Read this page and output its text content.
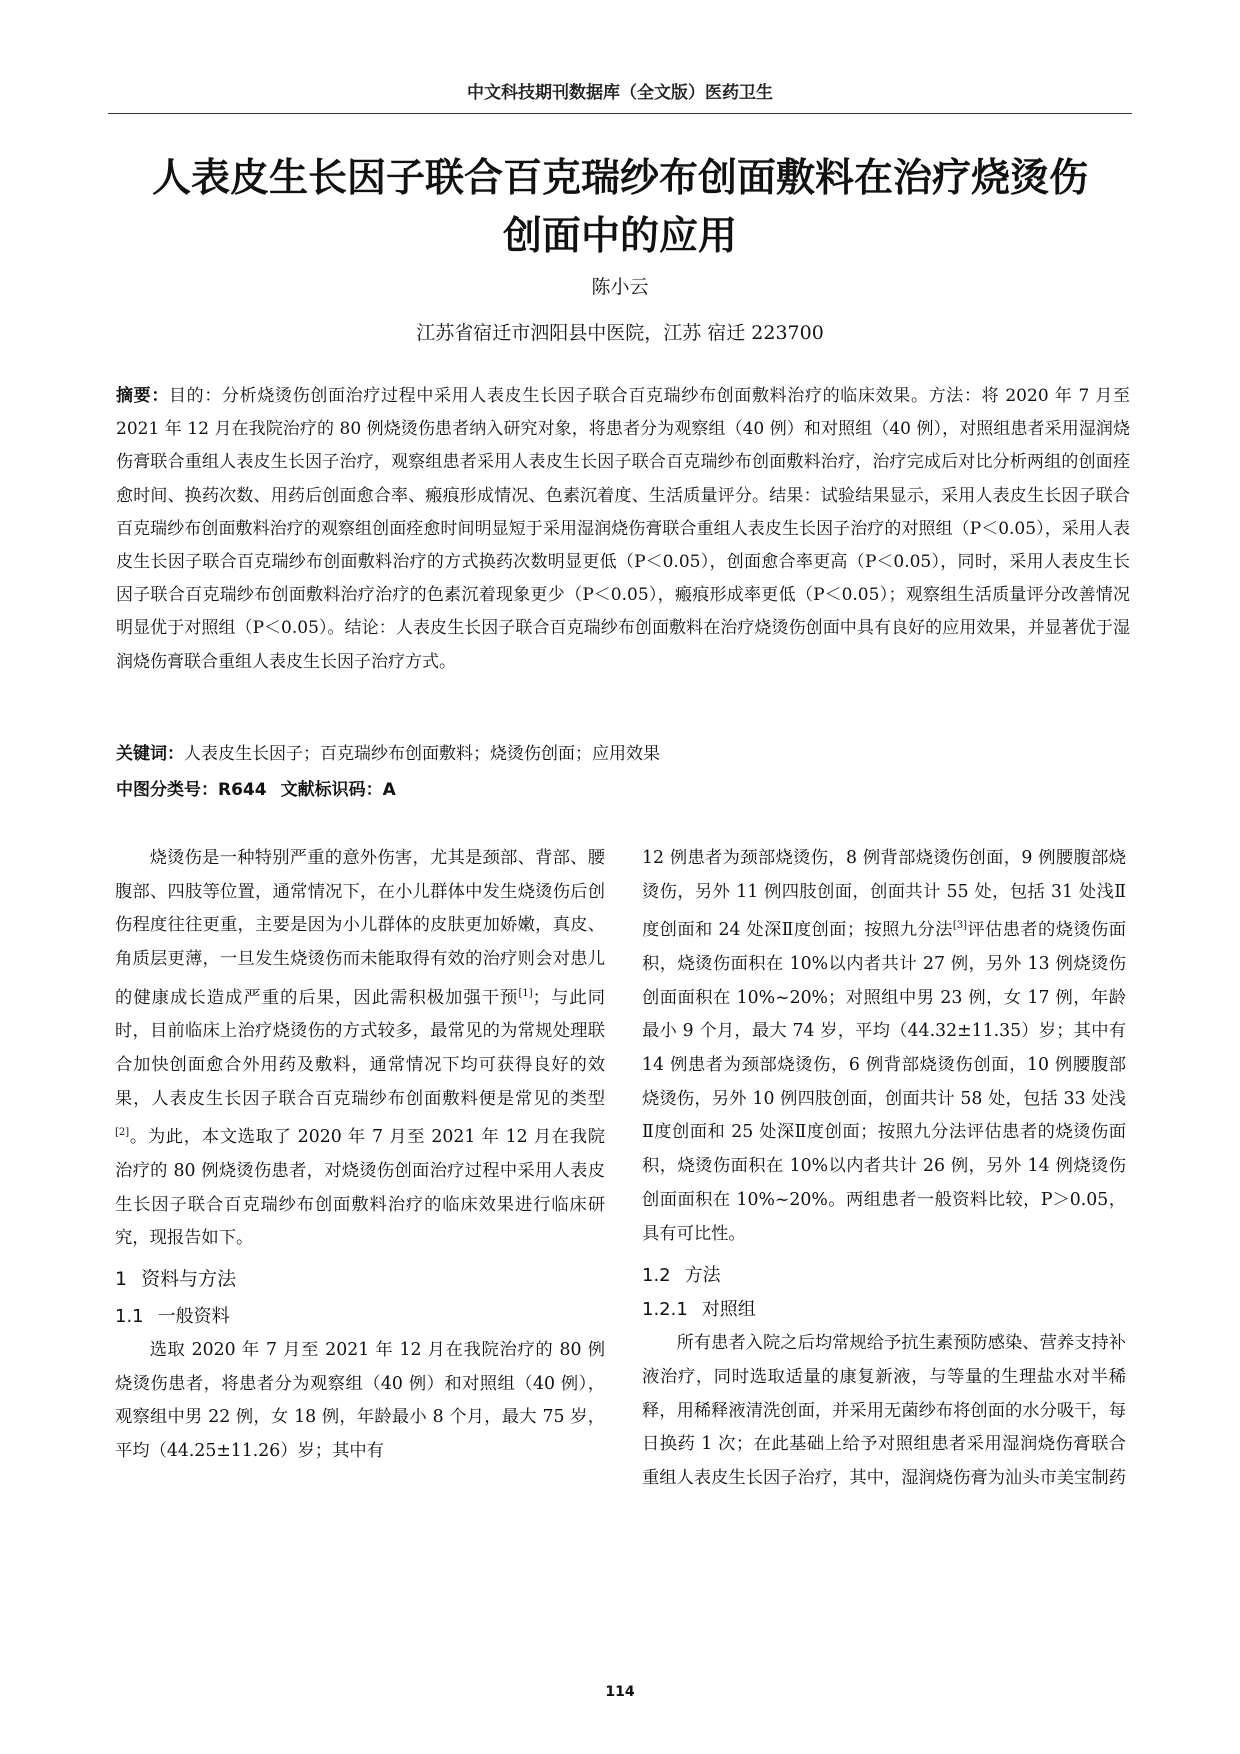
中文科技期刊数据库（全文版）医药卫生
人表皮生长因子联合百克瑞纱布创面敷料在治疗烧烫伤
创面中的应用
陈小云
江苏省宿迁市泗阳县中医院，江苏 宿迁 223700
摘要：目的：分析烧烫伤创面治疗过程中采用人表皮生长因子联合百克瑞纱布创面敷料治疗的临床效果。方法：将 2020 年 7 月至 2021 年 12 月在我院治疗的 80 例烧烫伤患者纳入研究对象，将患者分为观察组（40 例）和对照组（40 例），对照组患者采用湿润烧伤膏联合重组人表皮生长因子治疗，观察组患者采用人表皮生长因子联合百克瑞纱布创面敷料治疗，治疗完成后对比分析两组的创面痊愈时间、换药次数、用药后创面愈合率、瘢痕形成情况、色素沉着度、生活质量评分。结果：试验结果显示，采用人表皮生长因子联合百克瑞纱布创面敷料治疗的观察组创面痊愈时间明显短于采用湿润烧伤膏联合重组人表皮生长因子治疗的对照组（P＜0.05），采用人表皮生长因子联合百克瑞纱布创面敷料治疗的方式换药次数明显更低（P＜0.05），创面愈合率更高（P＜0.05），同时，采用人表皮生长因子联合百克瑞纱布创面敷料治疗治疗的色素沉着现象更少（P＜0.05），瘢痕形成率更低（P＜0.05）；观察组生活质量评分改善情况明显优于对照组（P＜0.05）。结论：人表皮生长因子联合百克瑞纱布创面敷料在治疗烧烫伤创面中具有良好的应用效果，并显著优于湿润烧伤膏联合重组人表皮生长因子治疗方式。
关键词：人表皮生长因子；百克瑞纱布创面敷料；烧烫伤创面；应用效果
中图分类号：R644 文献标识码：A

烧烫伤是一种特别严重的意外伤害，尤其是颈部、背部、腰腹部、四肢等位置，通常情况下，在小儿群体中发生烧烫伤后创伤程度往往更重，主要是因为小儿群体的皮肤更加娇嫩，真皮、角质层更薄，一旦发生烧烫伤而未能取得有效的治疗则会对患儿的健康成长造成严重的后果，因此需积极加强干预[1]；与此同时，目前临床上治疗烧烫伤的方式较多，最常见的为常规处理联合加快创面愈合外用药及敷料，通常情况下均可获得良好的效果，人表皮生长因子联合百克瑞纱布创面敷料便是常见的类型[2]。为此，本文选取了 2020 年 7 月至 2021 年 12 月在我院治疗的 80 例烧烫伤患者，对烧烫伤创面治疗过程中采用人表皮生长因子联合百克瑞纱布创面敷料治疗的临床效果进行临床研究，现报告如下。

1 资料与方法
1.1 一般资料

选取 2020 年 7 月至 2021 年 12 月在我院治疗的 80 例烧烫伤患者，将患者分为观察组（40 例）和对照组（40 例），观察组中男 22 例，女 18 例，年龄最小 8 个月，最大 75 岁，平均（44.25±11.26）岁；其中有

12 例患者为颈部烧烫伤，8 例背部烧烫伤创面，9 例腰腹部烧烫伤，另外 11 例四肢创面，创面共计 55 处，包括 31 处浅Ⅱ度创面和 24 处深Ⅱ度创面；按照九分法[3]评估患者的烧烫伤面积，烧烫伤面积在 10%以内者共计 27 例，另外 13 例烧烫伤创面面积在 10%~20%；对照组中男 23 例，女 17 例，年龄最小 9 个月，最大 74 岁，平均（44.32±11.35）岁；其中有 14 例患者为颈部烧烫伤，6 例背部烧烫伤创面，10 例腰腹部烧烫伤，另外 10 例四肢创面，创面共计 58 处，包括 33 处浅Ⅱ度创面和 25 处深Ⅱ度创面；按照九分法评估患者的烧烫伤面积，烧烫伤面积在 10%以内者共计 26 例，另外 14 例烧烫伤创面面积在 10%~20%。两组患者一般资料比较，P＞0.05，具有可比性。

1.2 方法
1.2.1 对照组

所有患者入院之后均常规给予抗生素预防感染、营养支持补液治疗，同时选取适量的康复新液，与等量的生理盐水对半稀释，用稀释液清洗创面，并采用无菌纱布将创面的水分吸干，每日换药 1 次；在此基础上给予对照组患者采用湿润烧伤膏联合重组人表皮生长因子治疗，其中，湿润烧伤膏为汕头市美宝制药

114
